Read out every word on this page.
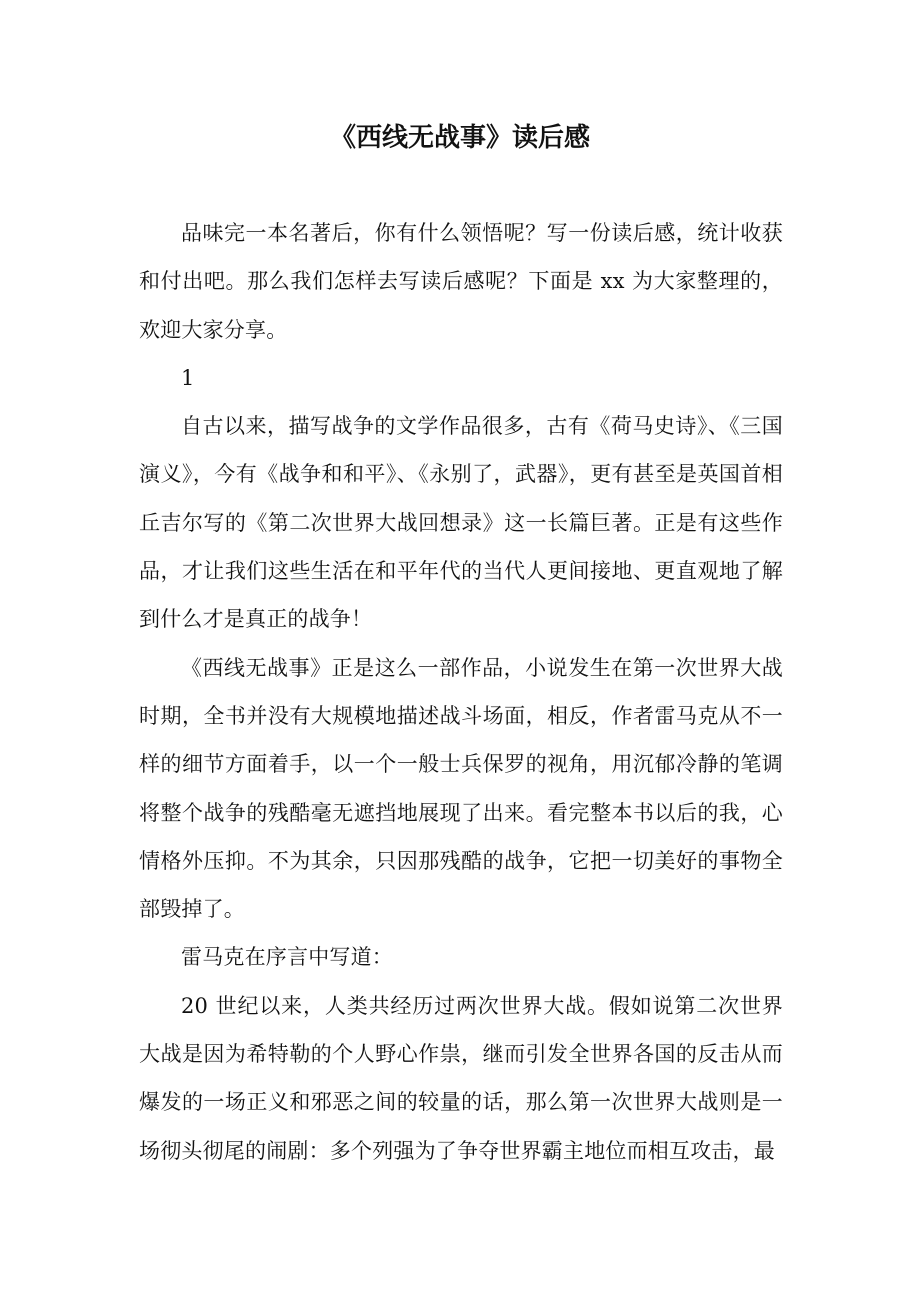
《西线无战事》读后感

品味完一本名著后，你有什么领悟呢？写一份读后感，统计收获和付出吧。那么我们怎样去写读后感呢？下面是 xx 为大家整理的，欢迎大家分享。

1

自古以来，描写战争的文学作品很多，古有《荷马史诗》、《三国演义》，今有《战争和和平》、《永别了，武器》，更有甚至是英国首相丘吉尔写的《第二次世界大战回想录》这一长篇巨著。正是有这些作品，才让我们这些生活在和平年代的当代人更间接地、更直观地了解到什么才是真正的战争！

《西线无战事》正是这么一部作品，小说发生在第一次世界大战时期，全书并没有大规模地描述战斗场面，相反，作者雷马克从不一样的细节方面着手，以一个一般士兵保罗的视角，用沉郁冷静的笔调将整个战争的残酷毫无遮挡地展现了出来。看完整本书以后的我，心情格外压抑。不为其余，只因那残酷的战争，它把一切美好的事物全部毁掉了。

雷马克在序言中写道：

20 世纪以来，人类共经历过两次世界大战。假如说第二次世界大战是因为希特勒的个人野心作祟，继而引发全世界各国的反击从而爆发的一场正义和邪恶之间的较量的话，那么第一次世界大战则是一场彻头彻尾的闹剧：多个列强为了争夺世界霸主地位而相互攻击，最
